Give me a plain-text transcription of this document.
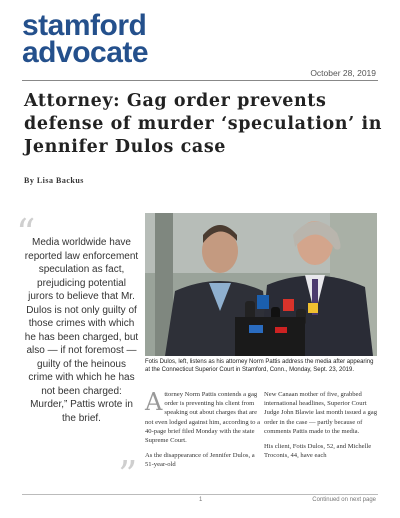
stamford
advocate
October 28, 2019
Attorney: Gag order prevents defense of murder ‘speculation’ in Jennifer Dulos case
By Lisa Backus
“
Media worldwide have reported law enforcement speculation as fact, prejudicing potential jurors to believe that Mr. Dulos is not only guilty of those crimes with which he has been charged, but also — if not foremost — guilty of the heinous crime with which he has not been charged: Murder,” Pattis wrote in the brief.
”
Fotis Dulos, left, listens as his attorney Norm Pattis address the media after appearing at the Connecticut Superior Court in Stamford, Conn., Monday, Sept. 23, 2019.

Attorney Norm Pattis contends a gag order is preventing his client from speaking out about charges that are not even lodged against him, according to a 40-page brief filed Monday with the state Supreme Court.

As the disappearance of Jennifer Dulos, a 51-year-old

New Canaan mother of five, grabbed international headlines, Superior Court Judge John Blawie last month issued a gag order in the case — partly because of comments Pattis made to the media.

His client, Fotis Dulos, 52, and Michelle Troconis, 44, have each

1	Continued on next page
